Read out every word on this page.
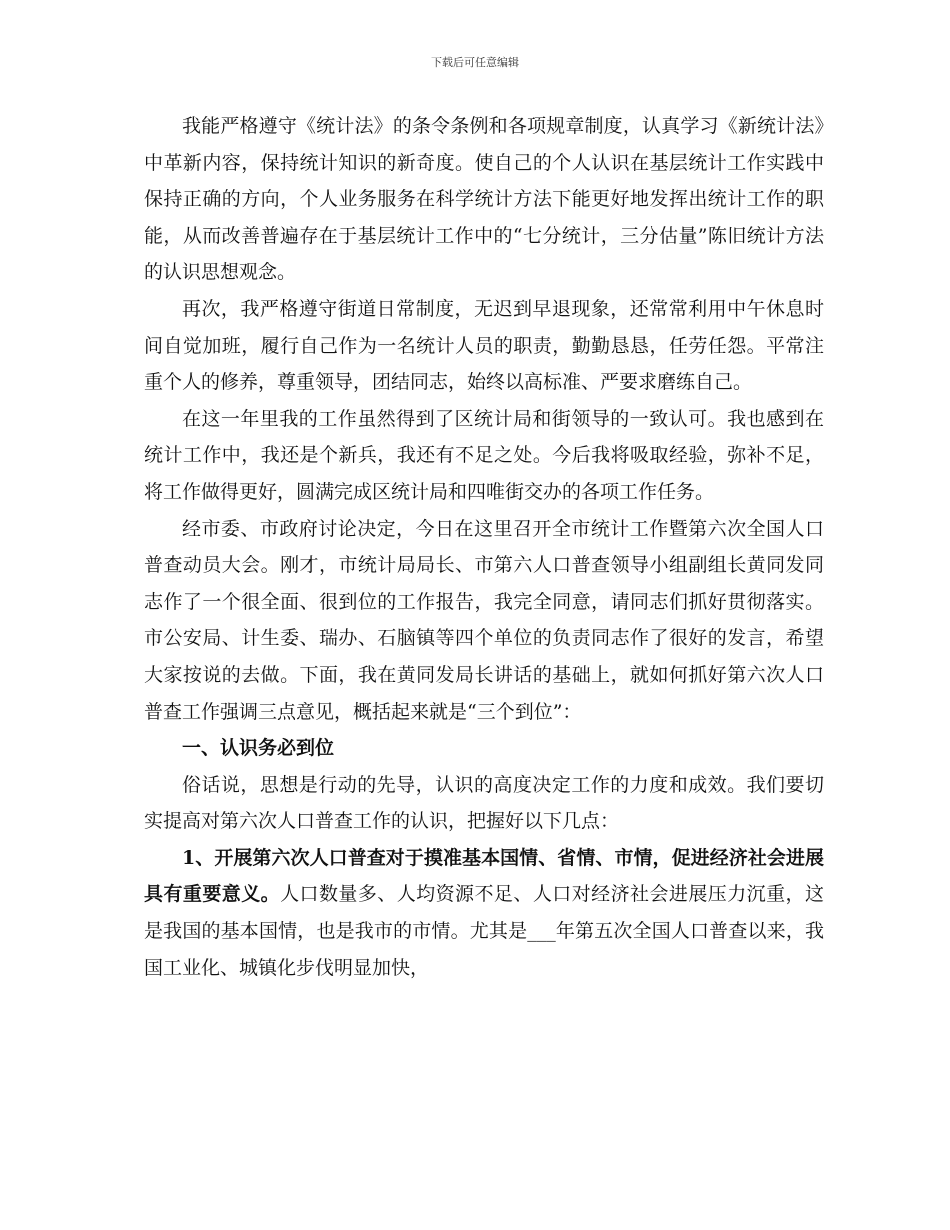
下载后可任意编辑

我能严格遵守《统计法》的条令条例和各项规章制度，认真学习《新统计法》中革新内容，保持统计知识的新奇度。使自己的个人认识在基层统计工作实践中保持正确的方向，个人业务服务在科学统计方法下能更好地发挥出统计工作的职能，从而改善普遍存在于基层统计工作中的“七分统计，三分估量”陈旧统计方法的认识思想观念。

再次，我严格遵守街道日常制度，无迟到早退现象，还常常利用中午休息时间自觉加班，履行自己作为一名统计人员的职责，勤勤恳恳，任劳任怨。平常注重个人的修养，尊重领导，团结同志，始终以高标准、严要求磨练自己。

在这一年里我的工作虽然得到了区统计局和街领导的一致认可。我也感到在统计工作中，我还是个新兵，我还有不足之处。今后我将吸取经验，弥补不足，将工作做得更好，圆满完成区统计局和四唯街交办的各项工作任务。

经市委、市政府讨论决定，今日在这里召开全市统计工作暨第六次全国人口普查动员大会。刚才，市统计局局长、市第六人口普查领导小组副组长黄同发同志作了一个很全面、很到位的工作报告，我完全同意，请同志们抓好贯彻落实。市公安局、计生委、瑞办、石脑镇等四个单位的负责同志作了很好的发言，希望大家按说的去做。下面，我在黄同发局长讲话的基础上，就如何抓好第六次人口普查工作强调三点意见，概括起来就是“三个到位”：

一、认识务必到位

俗话说，思想是行动的先导，认识的高度决定工作的力度和成效。我们要切实提高对第六次人口普查工作的认识，把握好以下几点：

1、开展第六次人口普查对于摸准基本国情、省情、市情，促进经济社会进展具有重要意义。人口数量多、人均资源不足、人口对经济社会进展压力沉重，这是我国的基本国情，也是我市的市情。尤其是___年第五次全国人口普查以来，我国工业化、城镇化步伐明显加快，
